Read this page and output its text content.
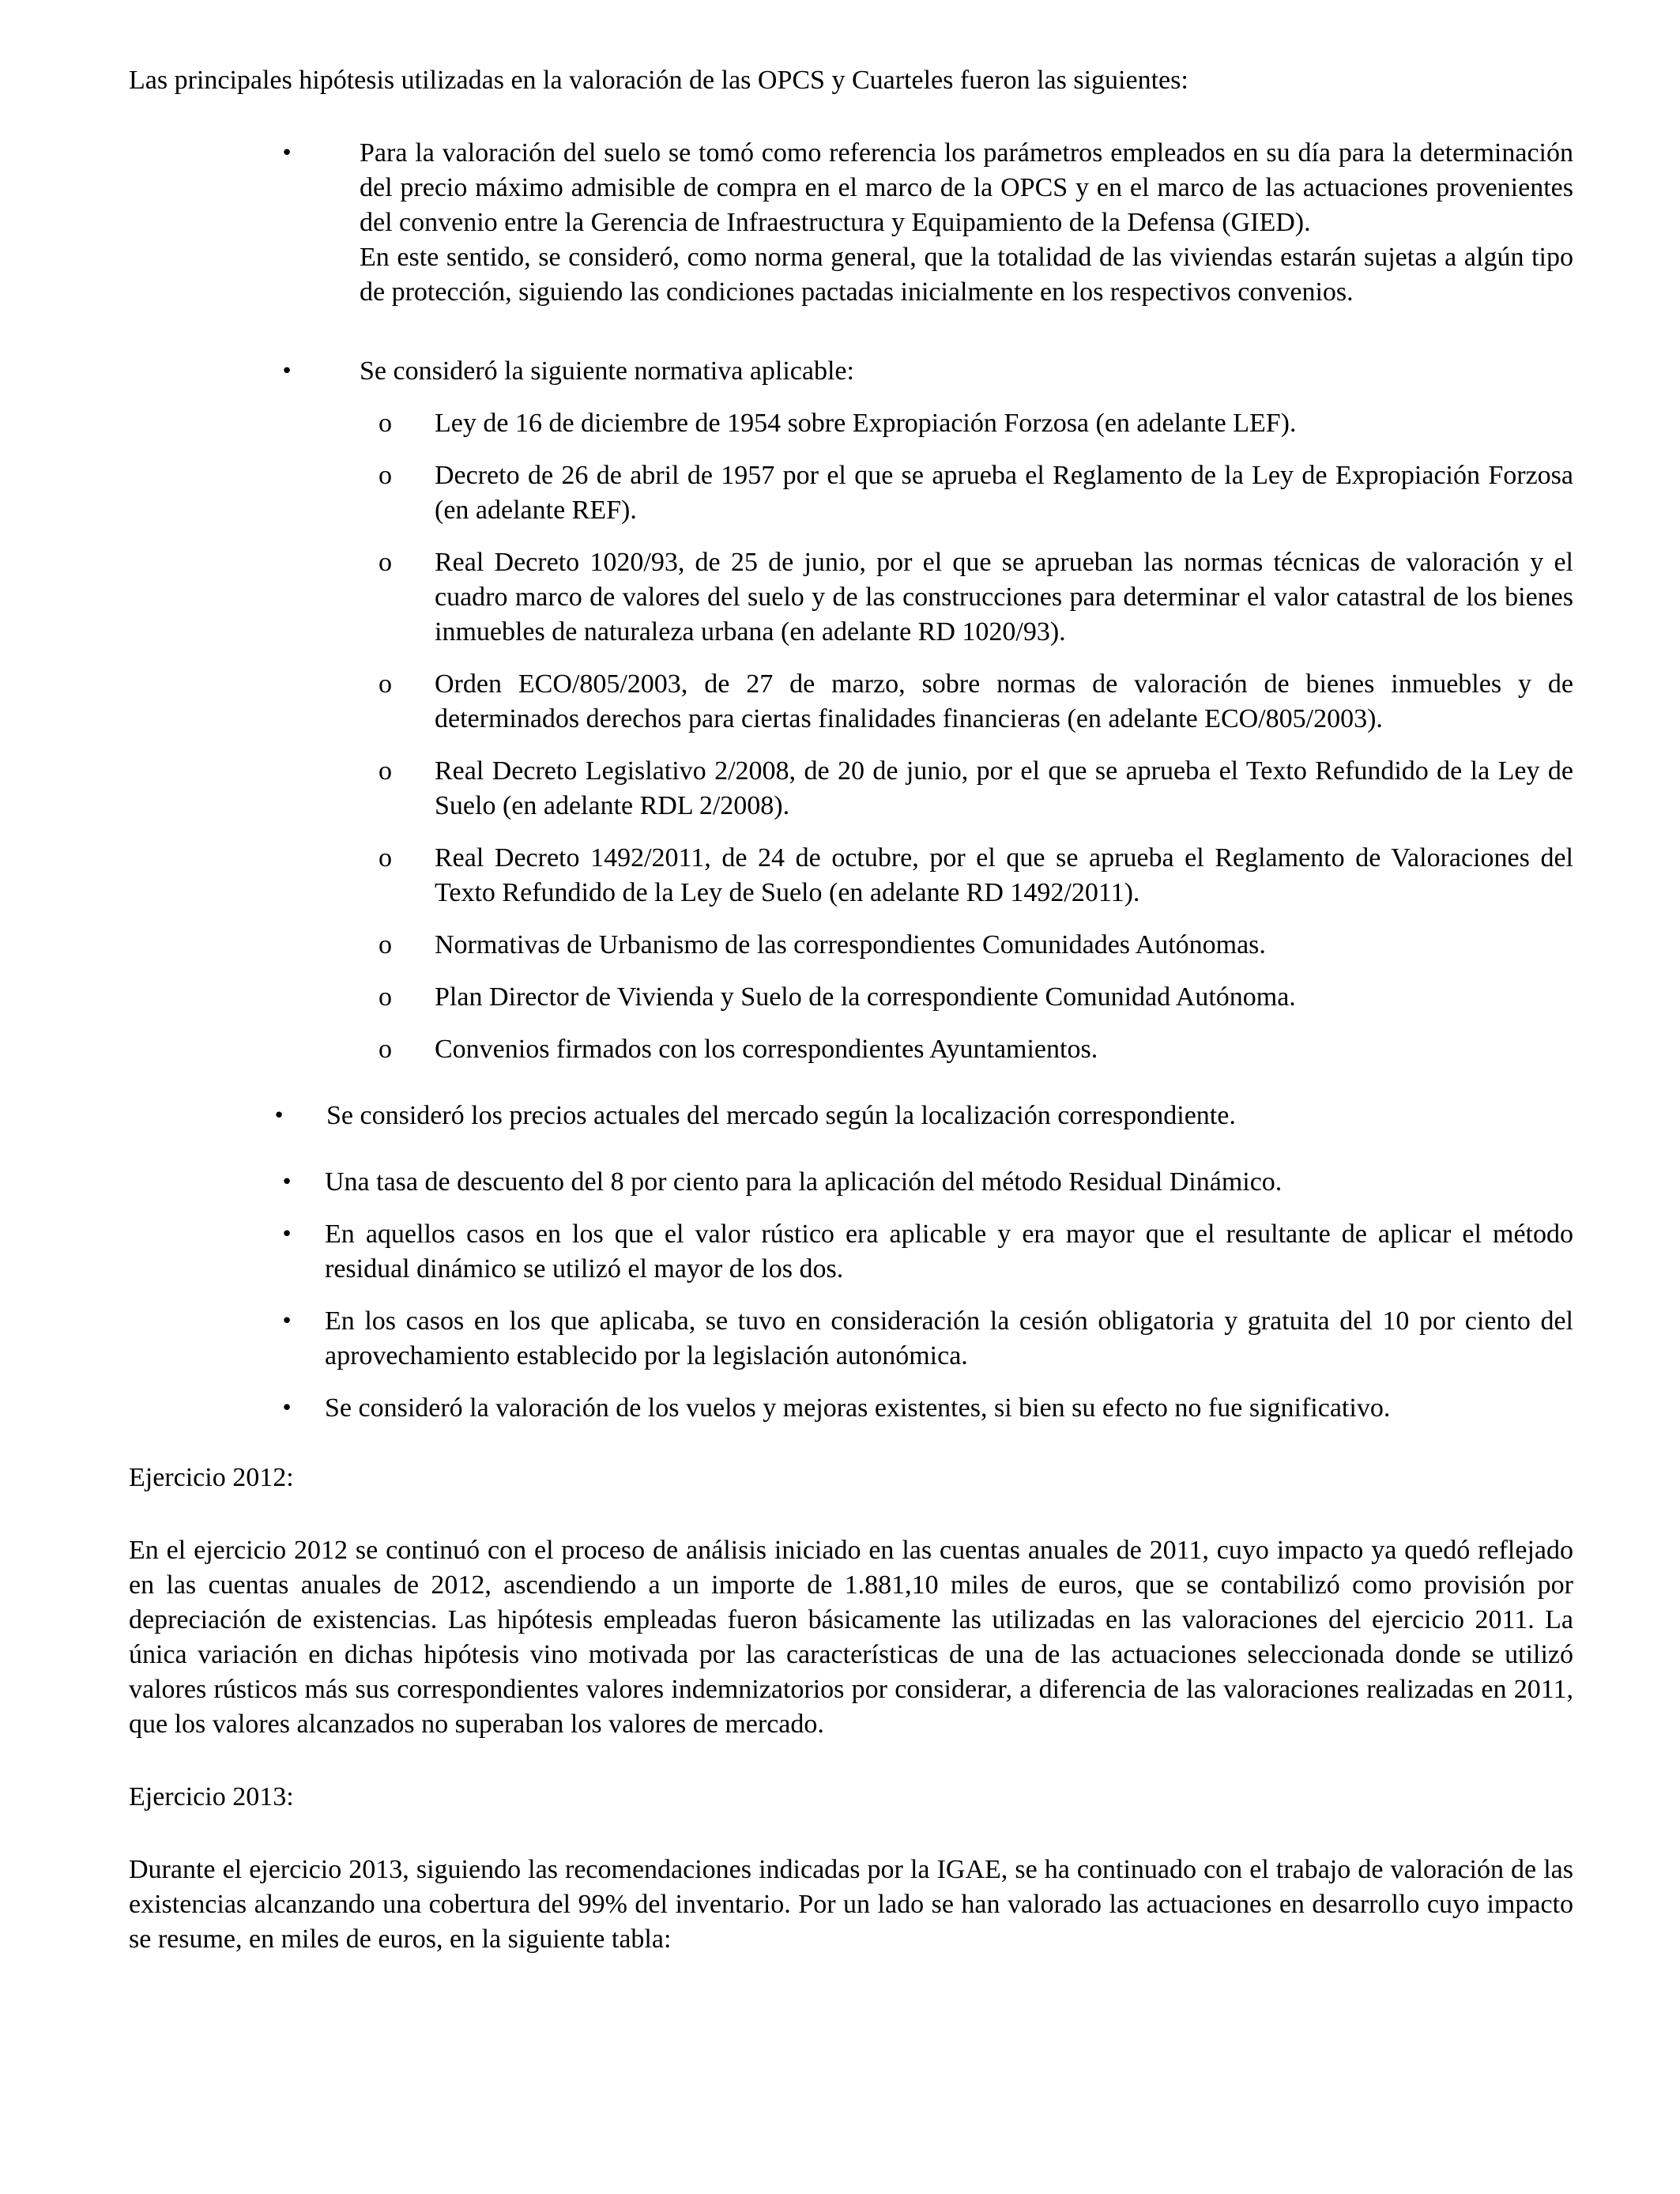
Las principales hipótesis utilizadas en la valoración de las OPCS y Cuarteles fueron las siguientes:

• Para la valoración del suelo se tomó como referencia los parámetros empleados en su día para la determinación del precio máximo admisible de compra en el marco de la OPCS y en el marco de las actuaciones provenientes del convenio entre la Gerencia de Infraestructura y Equipamiento de la Defensa (GIED).

En este sentido, se consideró, como norma general, que la totalidad de las viviendas estarán sujetas a algún tipo de protección, siguiendo las condiciones pactadas inicialmente en los respectivos convenios.

• Se consideró la siguiente normativa aplicable:

o Ley de 16 de diciembre de 1954 sobre Expropiación Forzosa (en adelante LEF).

o Decreto de 26 de abril de 1957 por el que se aprueba el Reglamento de la Ley de Expropiación Forzosa (en adelante REF).

o Real Decreto 1020/93, de 25 de junio, por el que se aprueban las normas técnicas de valoración y el cuadro marco de valores del suelo y de las construcciones para determinar el valor catastral de los bienes inmuebles de naturaleza urbana (en adelante RD 1020/93).

o Orden ECO/805/2003, de 27 de marzo, sobre normas de valoración de bienes inmuebles y de determinados derechos para ciertas finalidades financieras (en adelante ECO/805/2003).

o Real Decreto Legislativo 2/2008, de 20 de junio, por el que se aprueba el Texto Refundido de la Ley de Suelo (en adelante RDL 2/2008).

o Real Decreto 1492/2011, de 24 de octubre, por el que se aprueba el Reglamento de Valoraciones del Texto Refundido de la Ley de Suelo (en adelante RD 1492/2011).

o Normativas de Urbanismo de las correspondientes Comunidades Autónomas.

o Plan Director de Vivienda y Suelo de la correspondiente Comunidad Autónoma.

o Convenios firmados con los correspondientes Ayuntamientos.

• Se consideró los precios actuales del mercado según la localización correspondiente.

• Una tasa de descuento del 8 por ciento para la aplicación del método Residual Dinámico.

• En aquellos casos en los que el valor rústico era aplicable y era mayor que el resultante de aplicar el método residual dinámico se utilizó el mayor de los dos.

• En los casos en los que aplicaba, se tuvo en consideración la cesión obligatoria y gratuita del 10 por ciento del aprovechamiento establecido por la legislación autonómica.

• Se consideró la valoración de los vuelos y mejoras existentes, si bien su efecto no fue significativo.

Ejercicio 2012:

En el ejercicio 2012 se continuó con el proceso de análisis iniciado en las cuentas anuales de 2011, cuyo impacto ya quedó reflejado en las cuentas anuales de 2012, ascendiendo a un importe de 1.881,10 miles de euros, que se contabilizó como provisión por depreciación de existencias. Las hipótesis empleadas fueron básicamente las utilizadas en las valoraciones del ejercicio 2011. La única variación en dichas hipótesis vino motivada por las características de una de las actuaciones seleccionada donde se utilizó valores rústicos más sus correspondientes valores indemnizatorios por considerar, a diferencia de las valoraciones realizadas en 2011, que los valores alcanzados no superaban los valores de mercado.

Ejercicio 2013:

Durante el ejercicio 2013, siguiendo las recomendaciones indicadas por la IGAE, se ha continuado con el trabajo de valoración de las existencias alcanzando una cobertura del 99% del inventario. Por un lado se han valorado las actuaciones en desarrollo cuyo impacto se resume, en miles de euros, en la siguiente tabla:
